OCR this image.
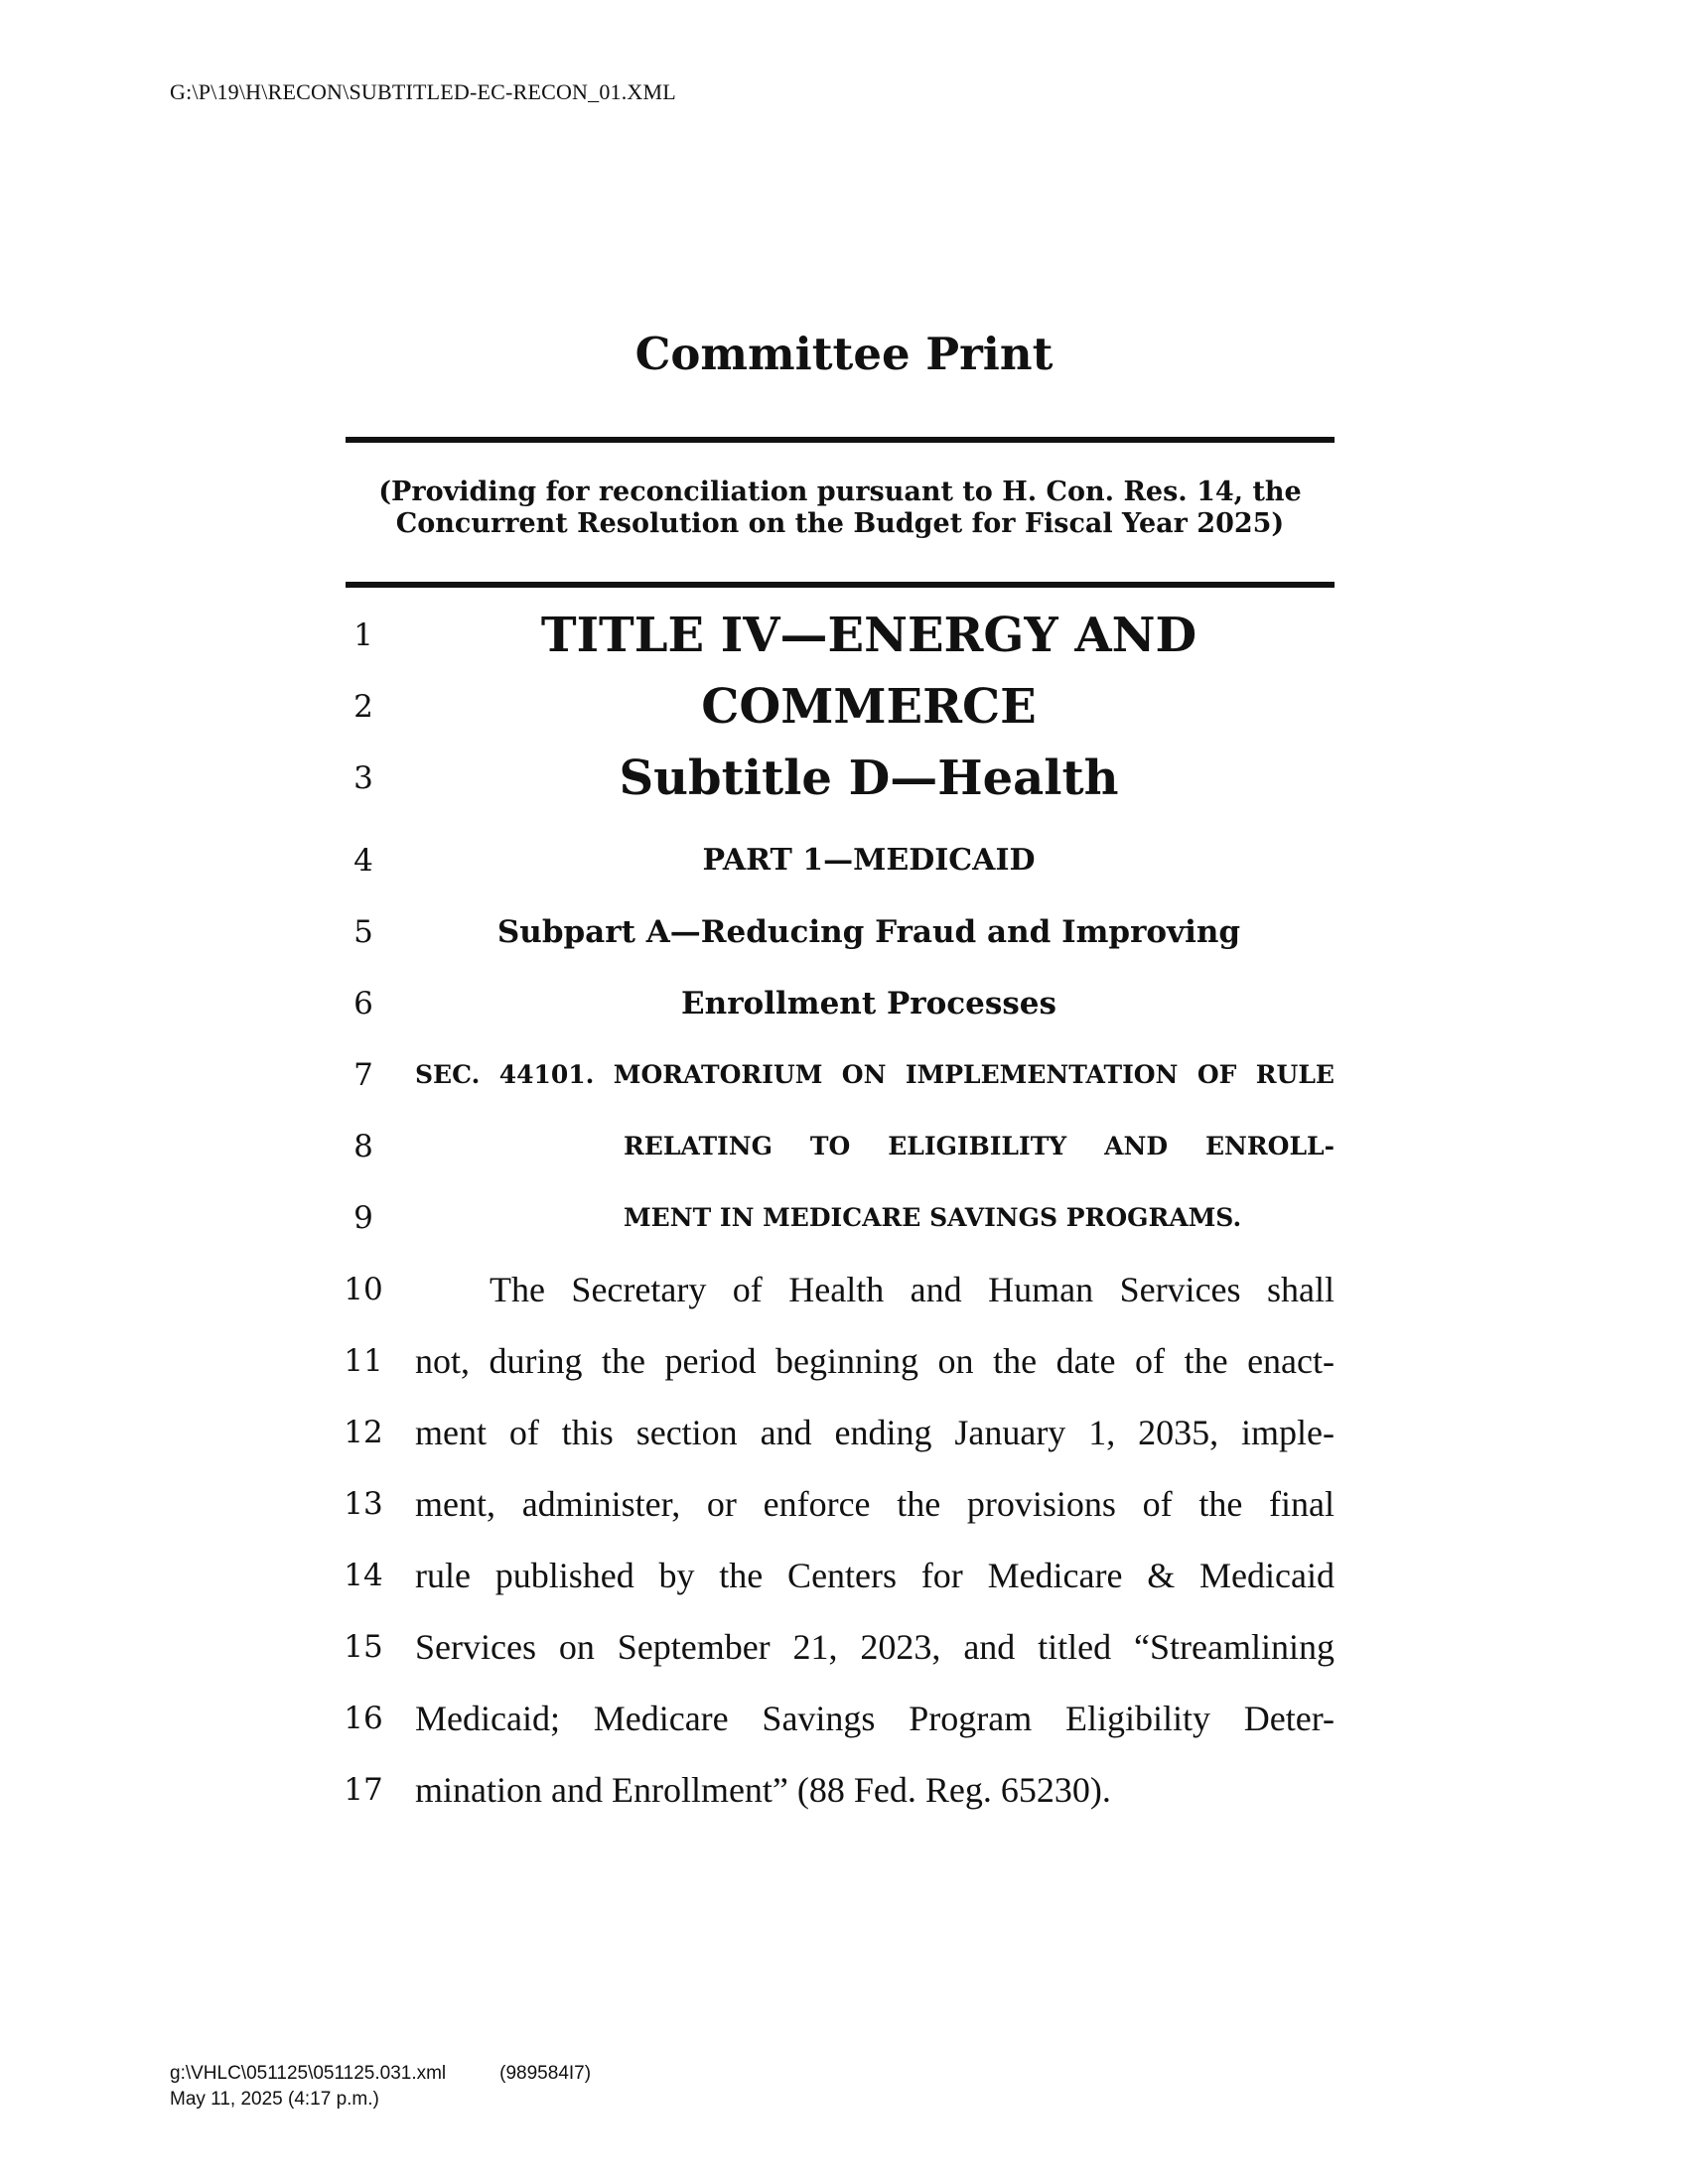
G:\P\19\H\RECON\SUBTITLED-EC-RECON_01.XML
Committee Print
(Providing for reconciliation pursuant to H. Con. Res. 14, the
Concurrent Resolution on the Budget for Fiscal Year 2025)
1
2
3
4
5
6
7
8
9
10
11
12
13
14
15
16
17
TITLE IV—ENERGY AND
COMMERCE
Subtitle D—Health
PART 1—MEDICAID
Subpart A—Reducing Fraud and Improving
Enrollment Processes
SEC. 44101. MORATORIUM ON IMPLEMENTATION OF RULE
RELATING TO ELIGIBILITY AND ENROLL-
MENT IN MEDICARE SAVINGS PROGRAMS.
The Secretary of Health and Human Services shall
not, during the period beginning on the date of the enact-
ment of this section and ending January 1, 2035, imple-
ment, administer, or enforce the provisions of the final
rule published by the Centers for Medicare & Medicaid
Services on September 21, 2023, and titled “Streamlining
Medicaid; Medicare Savings Program Eligibility Deter-
mination and Enrollment” (88 Fed. Reg. 65230).
g:\VHLC\051125\051125.031.xml	(989584I7)
May 11, 2025 (4:17 p.m.)
